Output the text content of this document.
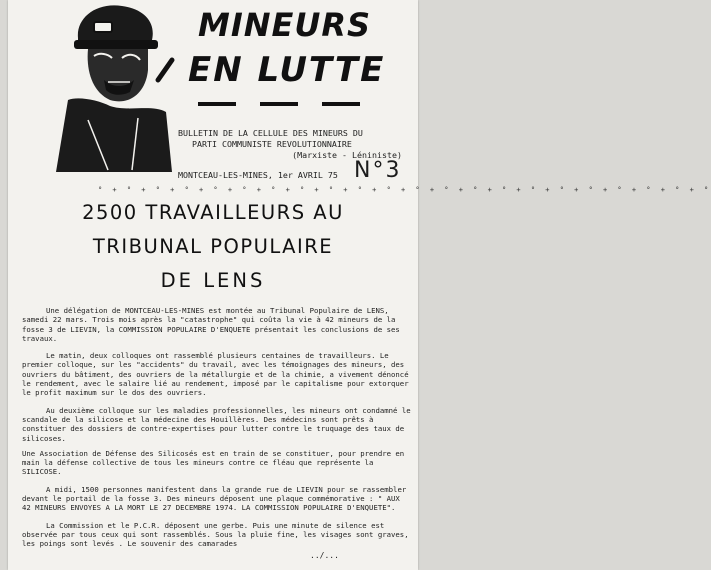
MINEURS
EN LUTTE
BULLETIN DE LA CELLULE DES MINEURS DU
PARTI COMMUNISTE REVOLUTIONNAIRE
(Marxiste - Léniniste)
MONTCEAU-LES-MINES, 1er AVRIL 75 N°3
° + ° + ° + ° + ° + ° + ° + ° + ° + ° + ° + ° + ° + ° + ° + ° + ° + ° + ° + ° + ° + °
2500 TRAVAILLEURS AU
TRIBUNAL POPULAIRE
DE LENS

Une délégation de MONTCEAU-LES-MINES est montée au Tribunal Populaire de LENS, samedi 22 mars. Trois mois après la "catastrophe" qui coûta la vie à 42 mineurs de la fosse 3 de LIEVIN, la COMMISSION POPULAIRE D'ENQUETE présentait les conclusions de ses travaux.

Le matin, deux colloques ont rassemblé plusieurs centaines de travailleurs. Le premier colloque, sur les "accidents" du travail, avec les témoignages des mineurs, des ouvriers du bâtiment, des ouvriers de la métallurgie et de la chimie, a vivement dénoncé le rendement, avec le salaire lié au rendement, imposé par le capitalisme pour extorquer le profit maximum sur le dos des ouvriers.

Au deuxième colloque sur les maladies professionnelles, les mineurs ont condamné le scandale de la silicose et la médecine des Houillères. Des médecins sont prêts à constituer des dossiers de contre-expertises pour lutter contre le truquage des taux de silicoses.

Une Association de Défense des Silicosés est en train de se constituer, pour prendre en main la défense collective de tous les mineurs contre ce fléau que représente la SILICOSE.

A midi, 1500 personnes manifestent dans la grande rue de LIEVIN pour se rassembler devant le portail de la fosse 3. Des mineurs déposent une plaque commémorative : " AUX 42 MINEURS ENVOYES A LA MORT LE 27 DECEMBRE 1974. LA COMMISSION POPULAIRE D'ENQUETE".

La Commission et le P.C.R. déposent une gerbe. Puis une minute de silence est observée par tous ceux qui sont rassemblés. Sous la pluie fine, les visages sont graves, les poings sont levés . Le souvenir des camarades

../...
